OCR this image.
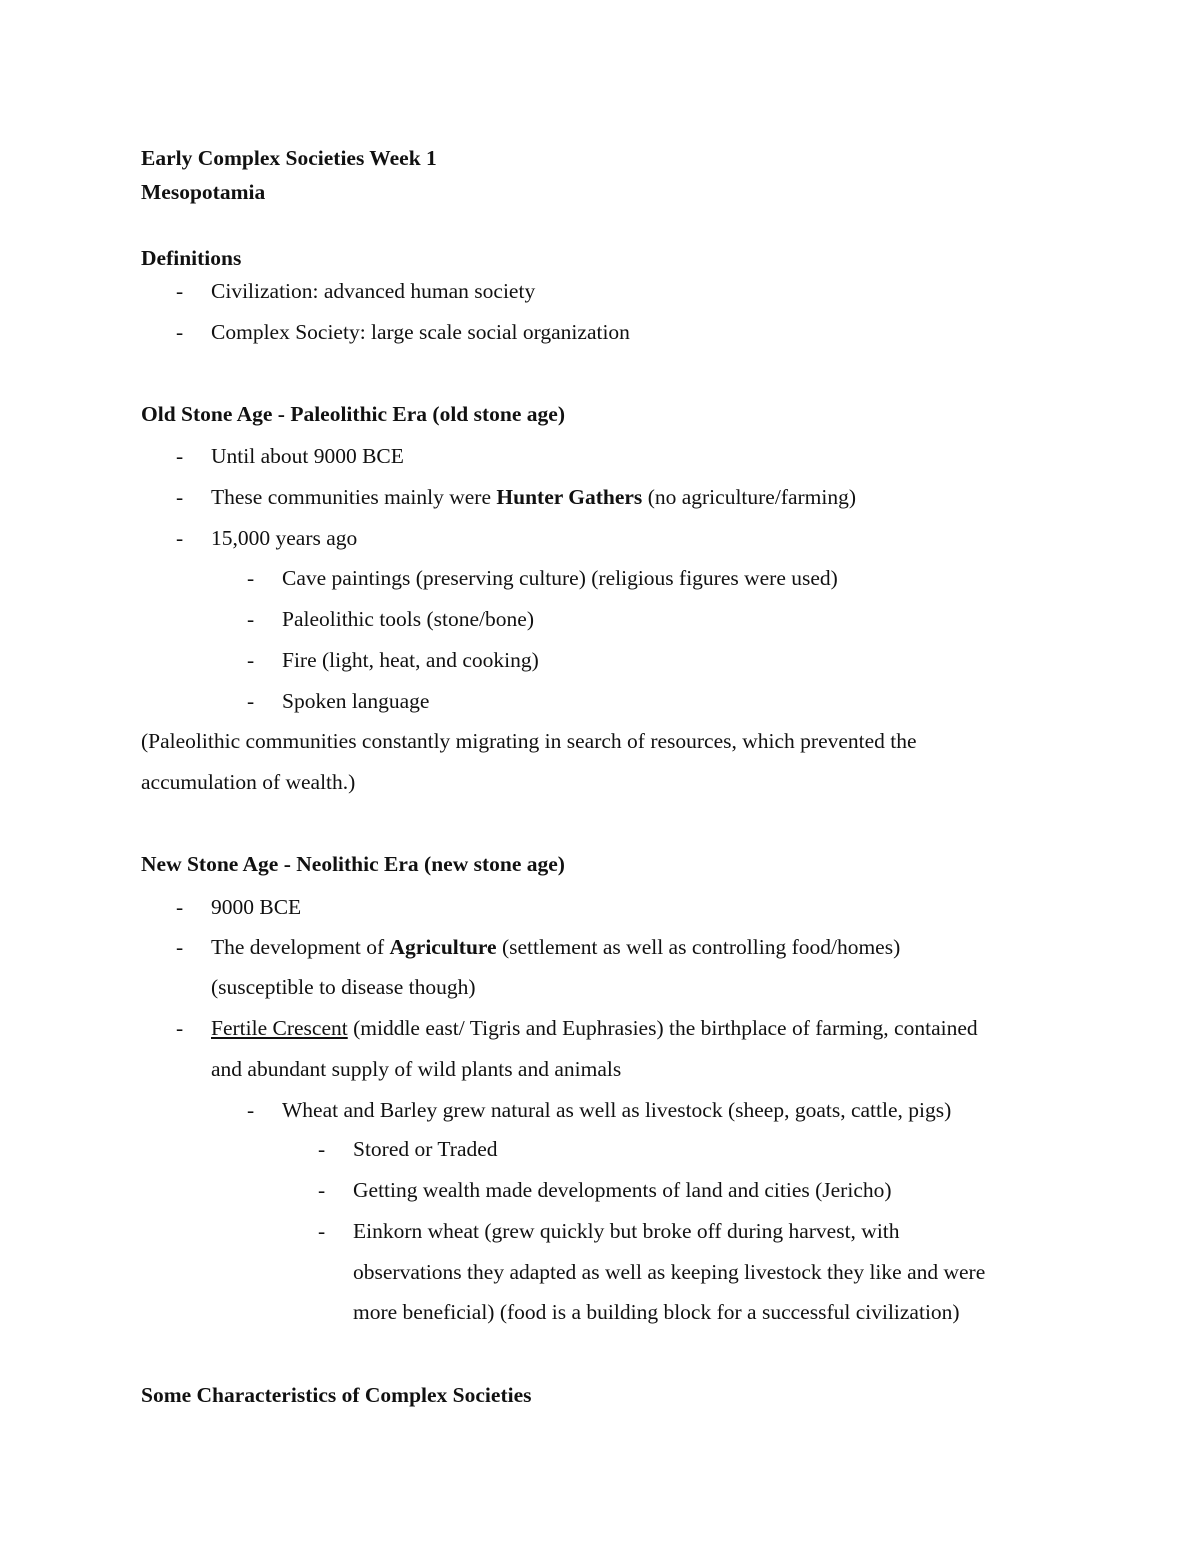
Early Complex Societies Week 1
Mesopotamia
Definitions
- Civilization: advanced human society
- Complex Society: large scale social organization
Old Stone Age - Paleolithic Era (old stone age)
- Until about 9000 BCE
- These communities mainly were Hunter Gathers (no agriculture/farming)
- 15,000 years ago
- Cave paintings (preserving culture) (religious figures were used)
- Paleolithic tools (stone/bone)
- Fire (light, heat, and cooking)
- Spoken language
(Paleolithic communities constantly migrating in search of resources, which prevented the
accumulation of wealth.)
New Stone Age - Neolithic Era (new stone age)
- 9000 BCE
- The development of Agriculture (settlement as well as controlling food/homes)
(susceptible to disease though)
- Fertile Crescent (middle east/ Tigris and Euphrasies) the birthplace of farming, contained
and abundant supply of wild plants and animals
- Wheat and Barley grew natural as well as livestock (sheep, goats, cattle, pigs)
- Stored or Traded
- Getting wealth made developments of land and cities (Jericho)
- Einkorn wheat (grew quickly but broke off during harvest, with
observations they adapted as well as keeping livestock they like and were
more beneficial) (food is a building block for a successful civilization)
Some Characteristics of Complex Societies
